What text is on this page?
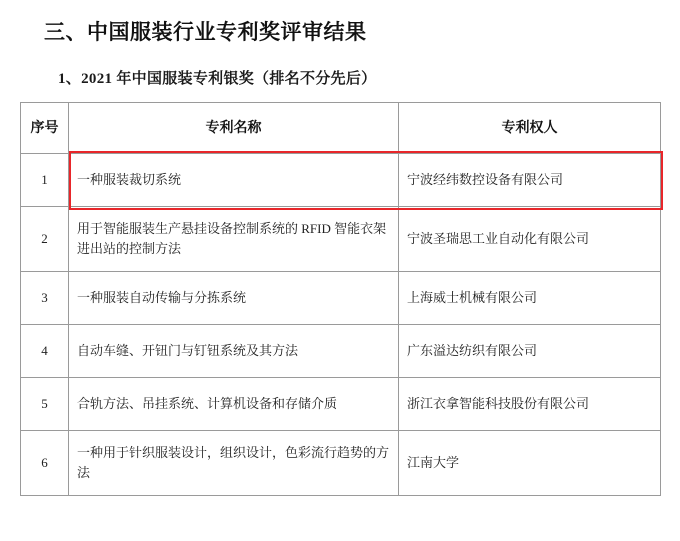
三、中国服装行业专利奖评审结果
1、2021 年中国服装专利银奖（排名不分先后）
序号	专利名称	专利权人
1	一种服装裁切系统	宁波经纬数控设备有限公司
2	用于智能服装生产悬挂设备控制系统的 RFID 智能衣架进出站的控制方法	宁波圣瑞思工业自动化有限公司
3	一种服装自动传输与分拣系统	上海威士机械有限公司
4	自动车缝、开钮门与钉钮系统及其方法	广东溢达纺织有限公司
5	合轨方法、吊挂系统、计算机设备和存储介质	浙江衣拿智能科技股份有限公司
6	一种用于针织服装设计，组织设计，色彩流行趋势的方法	江南大学
